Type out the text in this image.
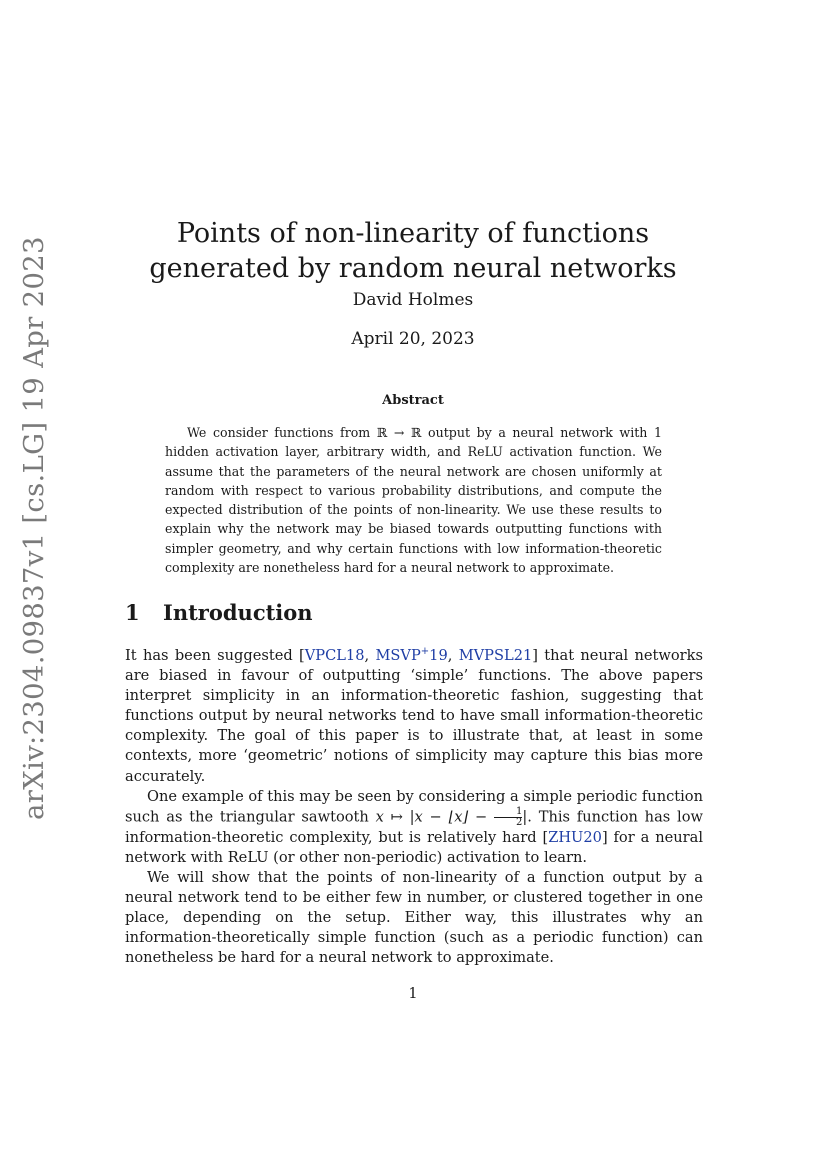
arXiv:2304.09837v1 [cs.LG] 19 Apr 2023
Points of non-linearity of functions generated by random neural networks
David Holmes
April 20, 2023
Abstract
We consider functions from ℝ → ℝ output by a neural network with 1 hidden activation layer, arbitrary width, and ReLU activation function. We assume that the parameters of the neural network are chosen uniformly at random with respect to various probability distributions, and compute the expected distribution of the points of non-linearity. We use these results to explain why the network may be biased towards outputting functions with simpler geometry, and why certain functions with low information-theoretic complexity are nonetheless hard for a neural network to approximate.
1 Introduction

It has been suggested [VPCL18, MSVP+19, MVPSL21] that neural networks are biased in favour of outputting ‘simple’ functions. The above papers interpret simplicity in an information-theoretic fashion, suggesting that functions output by neural networks tend to have small information-theoretic complexity. The goal of this paper is to illustrate that, at least in some contexts, more ‘geometric’ notions of simplicity may capture this bias more accurately.

One example of this may be seen by considering a simple periodic function such as the triangular sawtooth x ↦ |x − ⌊x⌋ − $\frac{1}{2}$ |. This function has low information-theoretic complexity, but is relatively hard [ZHU20] for a neural network with ReLU (or other non-periodic) activation to learn.

We will show that the points of non-linearity of a function output by a neural network tend to be either few in number, or clustered together in one place, depending on the setup. Either way, this illustrates why an information-theoretically simple function (such as a periodic function) can nonetheless be hard for a neural network to approximate.

1
